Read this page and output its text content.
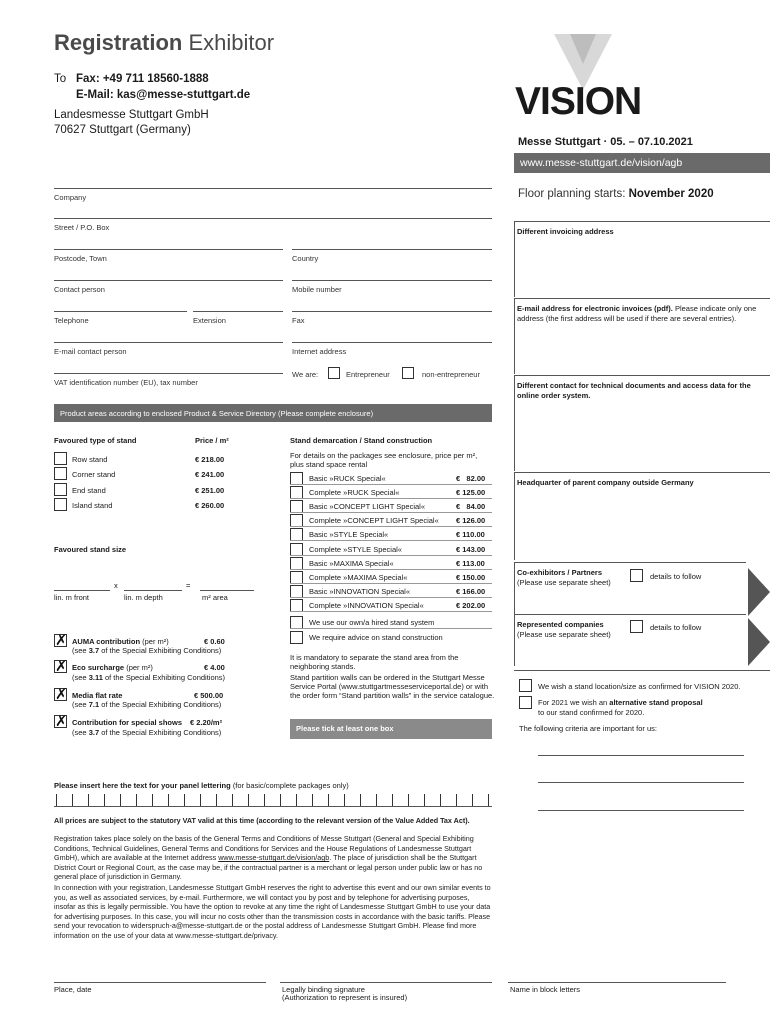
Registration Exhibitor
To Fax: +49 711 18560-1888
E-Mail: kas@messe-stuttgart.de
Landesmesse Stuttgart GmbH
70627 Stuttgart (Germany)
VISION
Messe Stuttgart · 05. – 07.10.2021
www.messe-stuttgart.de/vision/agb
Floor planning starts: November 2020
Company
Street / P.O. Box
Postcode, Town	Country
Contact person	Mobile number
Telephone	Extension	Fax
E-mail contact person	Internet address
VAT identification number (EU), tax number
We are:	Entrepreneur	non-entrepreneur
Different invoicing address
E-mail address for electronic invoices (pdf). Please indicate only one address (the first address will be used if there are several entries).
Different contact for technical documents and access data for the online order system.
Headquarter of parent company outside Germany
Co-exhibitors / Partners
(Please use separate sheet)
details to follow
Represented companies
(Please use separate sheet)
details to follow
We wish a stand location/size as confirmed for VISION 2020.
For 2021 we wish an alternative stand proposal
to our stand confirmed for 2020.
The following criteria are important for us:
Product areas according to enclosed Product & Service Directory (Please complete enclosure)
Favoured type of stand	Price / m²
Row stand	€ 218.00
Corner stand	€ 241.00
End stand	€ 251.00
Island stand	€ 260.00
Favoured stand size
x	=
lin. m front	lin. m depth	m² area
✗
AUMA contribution (per m²)	€ 0.60
(see 3.7 of the Special Exhibiting Conditions)
✗
Eco surcharge (per m²)	€ 4.00
(see 3.11 of the Special Exhibiting Conditions)
✗
Media flat rate	€ 500.00
(see 7.1 of the Special Exhibiting Conditions)
✗
Contribution for special shows € 2.20/m²
(see 3.7 of the Special Exhibiting Conditions)
Stand demarcation / Stand construction
For details on the packages see enclosure, price per m², plus stand space rental
Basic »RUCK Special«	€   82.00
Complete »RUCK Special«	€ 125.00
Basic »CONCEPT LIGHT Special«	€   84.00
Complete »CONCEPT LIGHT Special« € 126.00
Basic »STYLE Special«	€ 110.00
Complete »STYLE Special«	€ 143.00
Basic »MAXIMA Special«	€ 113.00
Complete »MAXIMA Special«	€ 150.00
Basic »INNOVATION Special«	€ 166.00
Complete »INNOVATION Special«	€ 202.00
We use our own/a hired stand system
We require advice on stand construction
It is mandatory to separate the stand area from the neighboring stands.
Stand partition walls can be ordered in the Stuttgart Messe Service Portal (www.stuttgartmesseserviceportal.de) or with the order form “Stand partition walls” in the service catalogue.
Please tick at least one box
Please insert here the text for your panel lettering (for basic/complete packages only)
All prices are subject to the statutory VAT valid at this time (according to the relevant version of the Value Added Tax Act).
Registration takes place solely on the basis of the General Terms and Conditions of Messe Stuttgart (General and Special Exhibiting Conditions, Technical Guidelines, General Terms and Conditions for Services and the House Regulations of Landesmesse Stuttgart GmbH), which are available at the Internet address www.messe-stuttgart.de/vision/agb. The place of jurisdiction shall be the Stuttgart District Court or Regional Court, as the case may be, if the contractual partner is a merchant or legal person under public law or has no general place of jurisdiction in Germany.
In connection with your registration, Landesmesse Stuttgart GmbH reserves the right to advertise this event and our own similar events to you, as well as associated services, by e-mail. Furthermore, we will contact you by post and by telephone for advertising purposes, insofar as this is legally permissible. You have the option to revoke at any time the right of Landesmesse Stuttgart GmbH to use your data for advertising purposes. In this case, you will incur no costs other than the transmission costs in accordance with the basic tariffs. Please send your revocation to widerspruch-a@messe-stuttgart.de or the postal address of Landesmesse Stuttgart GmbH. Please find more information on the use of your data at www.messe-stuttgart.de/privacy.
Place, date	Legally binding signature
(Authorization to represent is insured)
Name in block letters
